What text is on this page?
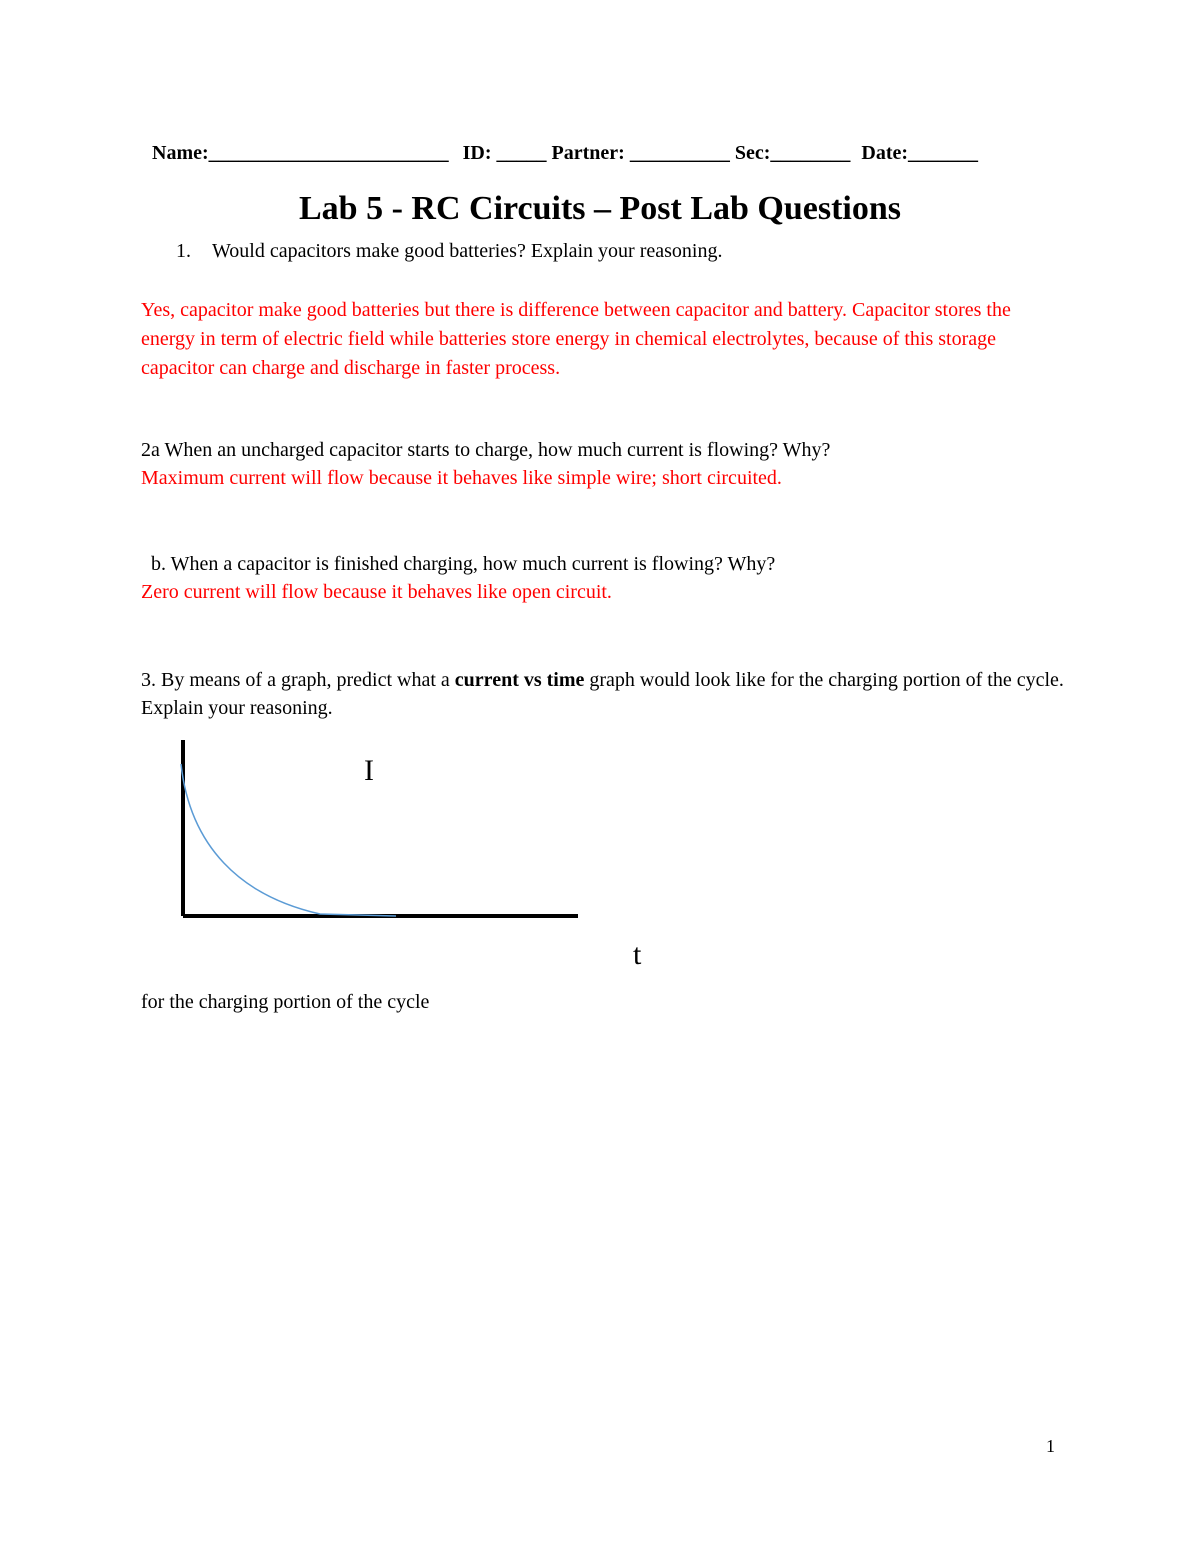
Name:________________________ ID: _____ Partner: __________ Sec:________ Date:_______
Lab 5 - RC Circuits – Post Lab Questions
1. Would capacitors make good batteries? Explain your reasoning.
Yes, capacitor make good batteries but there is difference between capacitor and battery. Capacitor stores the energy in term of electric field while batteries store energy in chemical electrolytes, because of this storage capacitor can charge and discharge in faster process.
2a When an uncharged capacitor starts to charge, how much current is flowing? Why?
Maximum current will flow because it behaves like simple wire; short circuited.
b. When a capacitor is finished charging, how much current is flowing? Why?
Zero current will flow because it behaves like open circuit.
3. By means of a graph, predict what a current vs time graph would look like for the charging portion of the cycle. Explain your reasoning.
I
t
for the charging portion of the cycle
1
